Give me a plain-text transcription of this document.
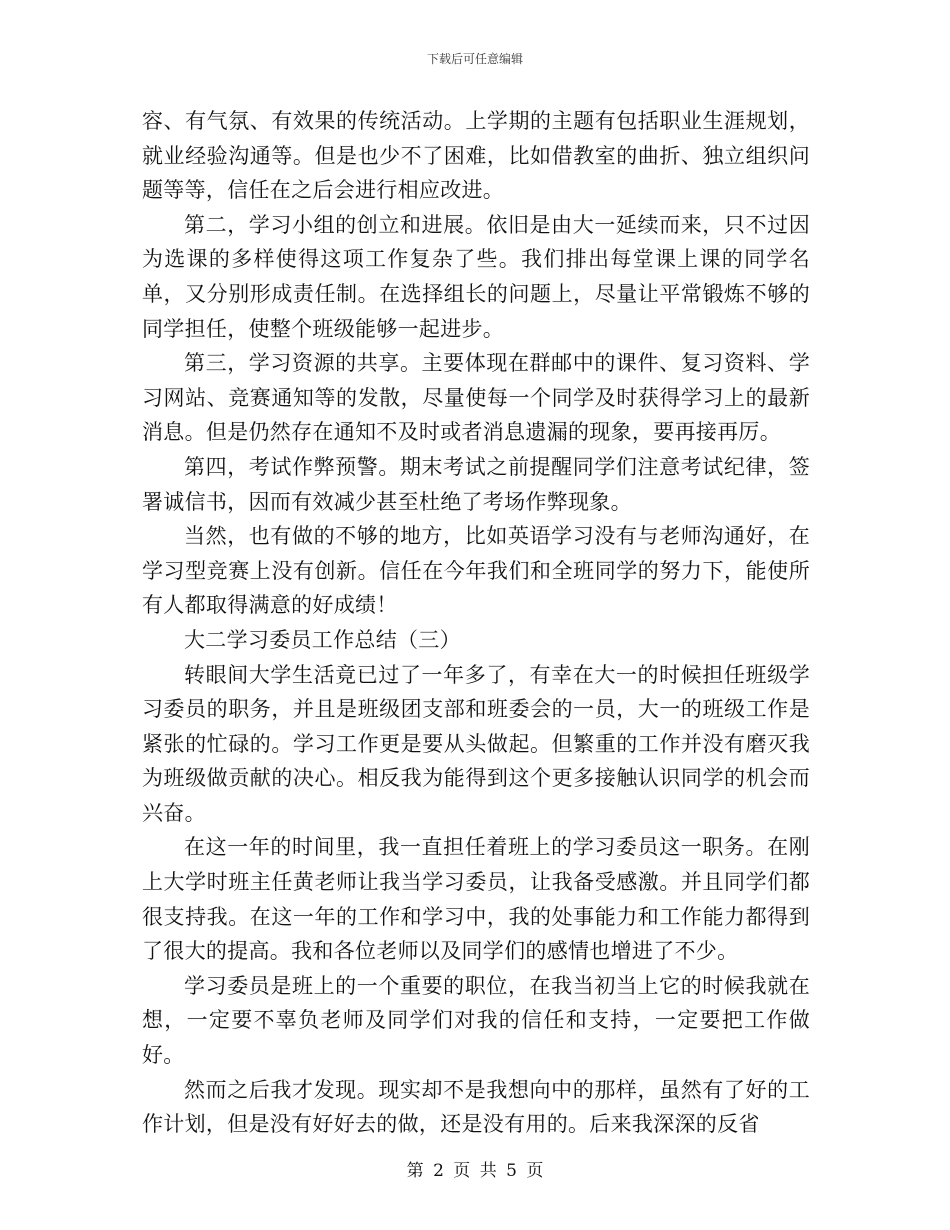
下载后可任意编辑

容、有气氛、有效果的传统活动。上学期的主题有包括职业生涯规划，就业经验沟通等。但是也少不了困难，比如借教室的曲折、独立组织问题等等，信任在之后会进行相应改进。

第二，学习小组的创立和进展。依旧是由大一延续而来，只不过因为选课的多样使得这项工作复杂了些。我们排出每堂课上课的同学名单，又分别形成责任制。在选择组长的问题上，尽量让平常锻炼不够的同学担任，使整个班级能够一起进步。

第三，学习资源的共享。主要体现在群邮中的课件、复习资料、学习网站、竞赛通知等的发散，尽量使每一个同学及时获得学习上的最新消息。但是仍然存在通知不及时或者消息遗漏的现象，要再接再厉。

第四，考试作弊预警。期末考试之前提醒同学们注意考试纪律，签署诚信书，因而有效减少甚至杜绝了考场作弊现象。

当然，也有做的不够的地方，比如英语学习没有与老师沟通好，在学习型竞赛上没有创新。信任在今年我们和全班同学的努力下，能使所有人都取得满意的好成绩！

大二学习委员工作总结（三）

转眼间大学生活竟已过了一年多了，有幸在大一的时候担任班级学习委员的职务，并且是班级团支部和班委会的一员，大一的班级工作是紧张的忙碌的。学习工作更是要从头做起。但繁重的工作并没有磨灭我为班级做贡献的决心。相反我为能得到这个更多接触认识同学的机会而兴奋。

在这一年的时间里，我一直担任着班上的学习委员这一职务。在刚上大学时班主任黄老师让我当学习委员，让我备受感激。并且同学们都很支持我。在这一年的工作和学习中，我的处事能力和工作能力都得到了很大的提高。我和各位老师以及同学们的感情也增进了不少。

学习委员是班上的一个重要的职位，在我当初当上它的时候我就在想，一定要不辜负老师及同学们对我的信任和支持，一定要把工作做好。

然而之后我才发现。现实却不是我想向中的那样，虽然有了好的工作计划，但是没有好好去的做，还是没有用的。后来我深深的反省

第 2 页 共 5 页
